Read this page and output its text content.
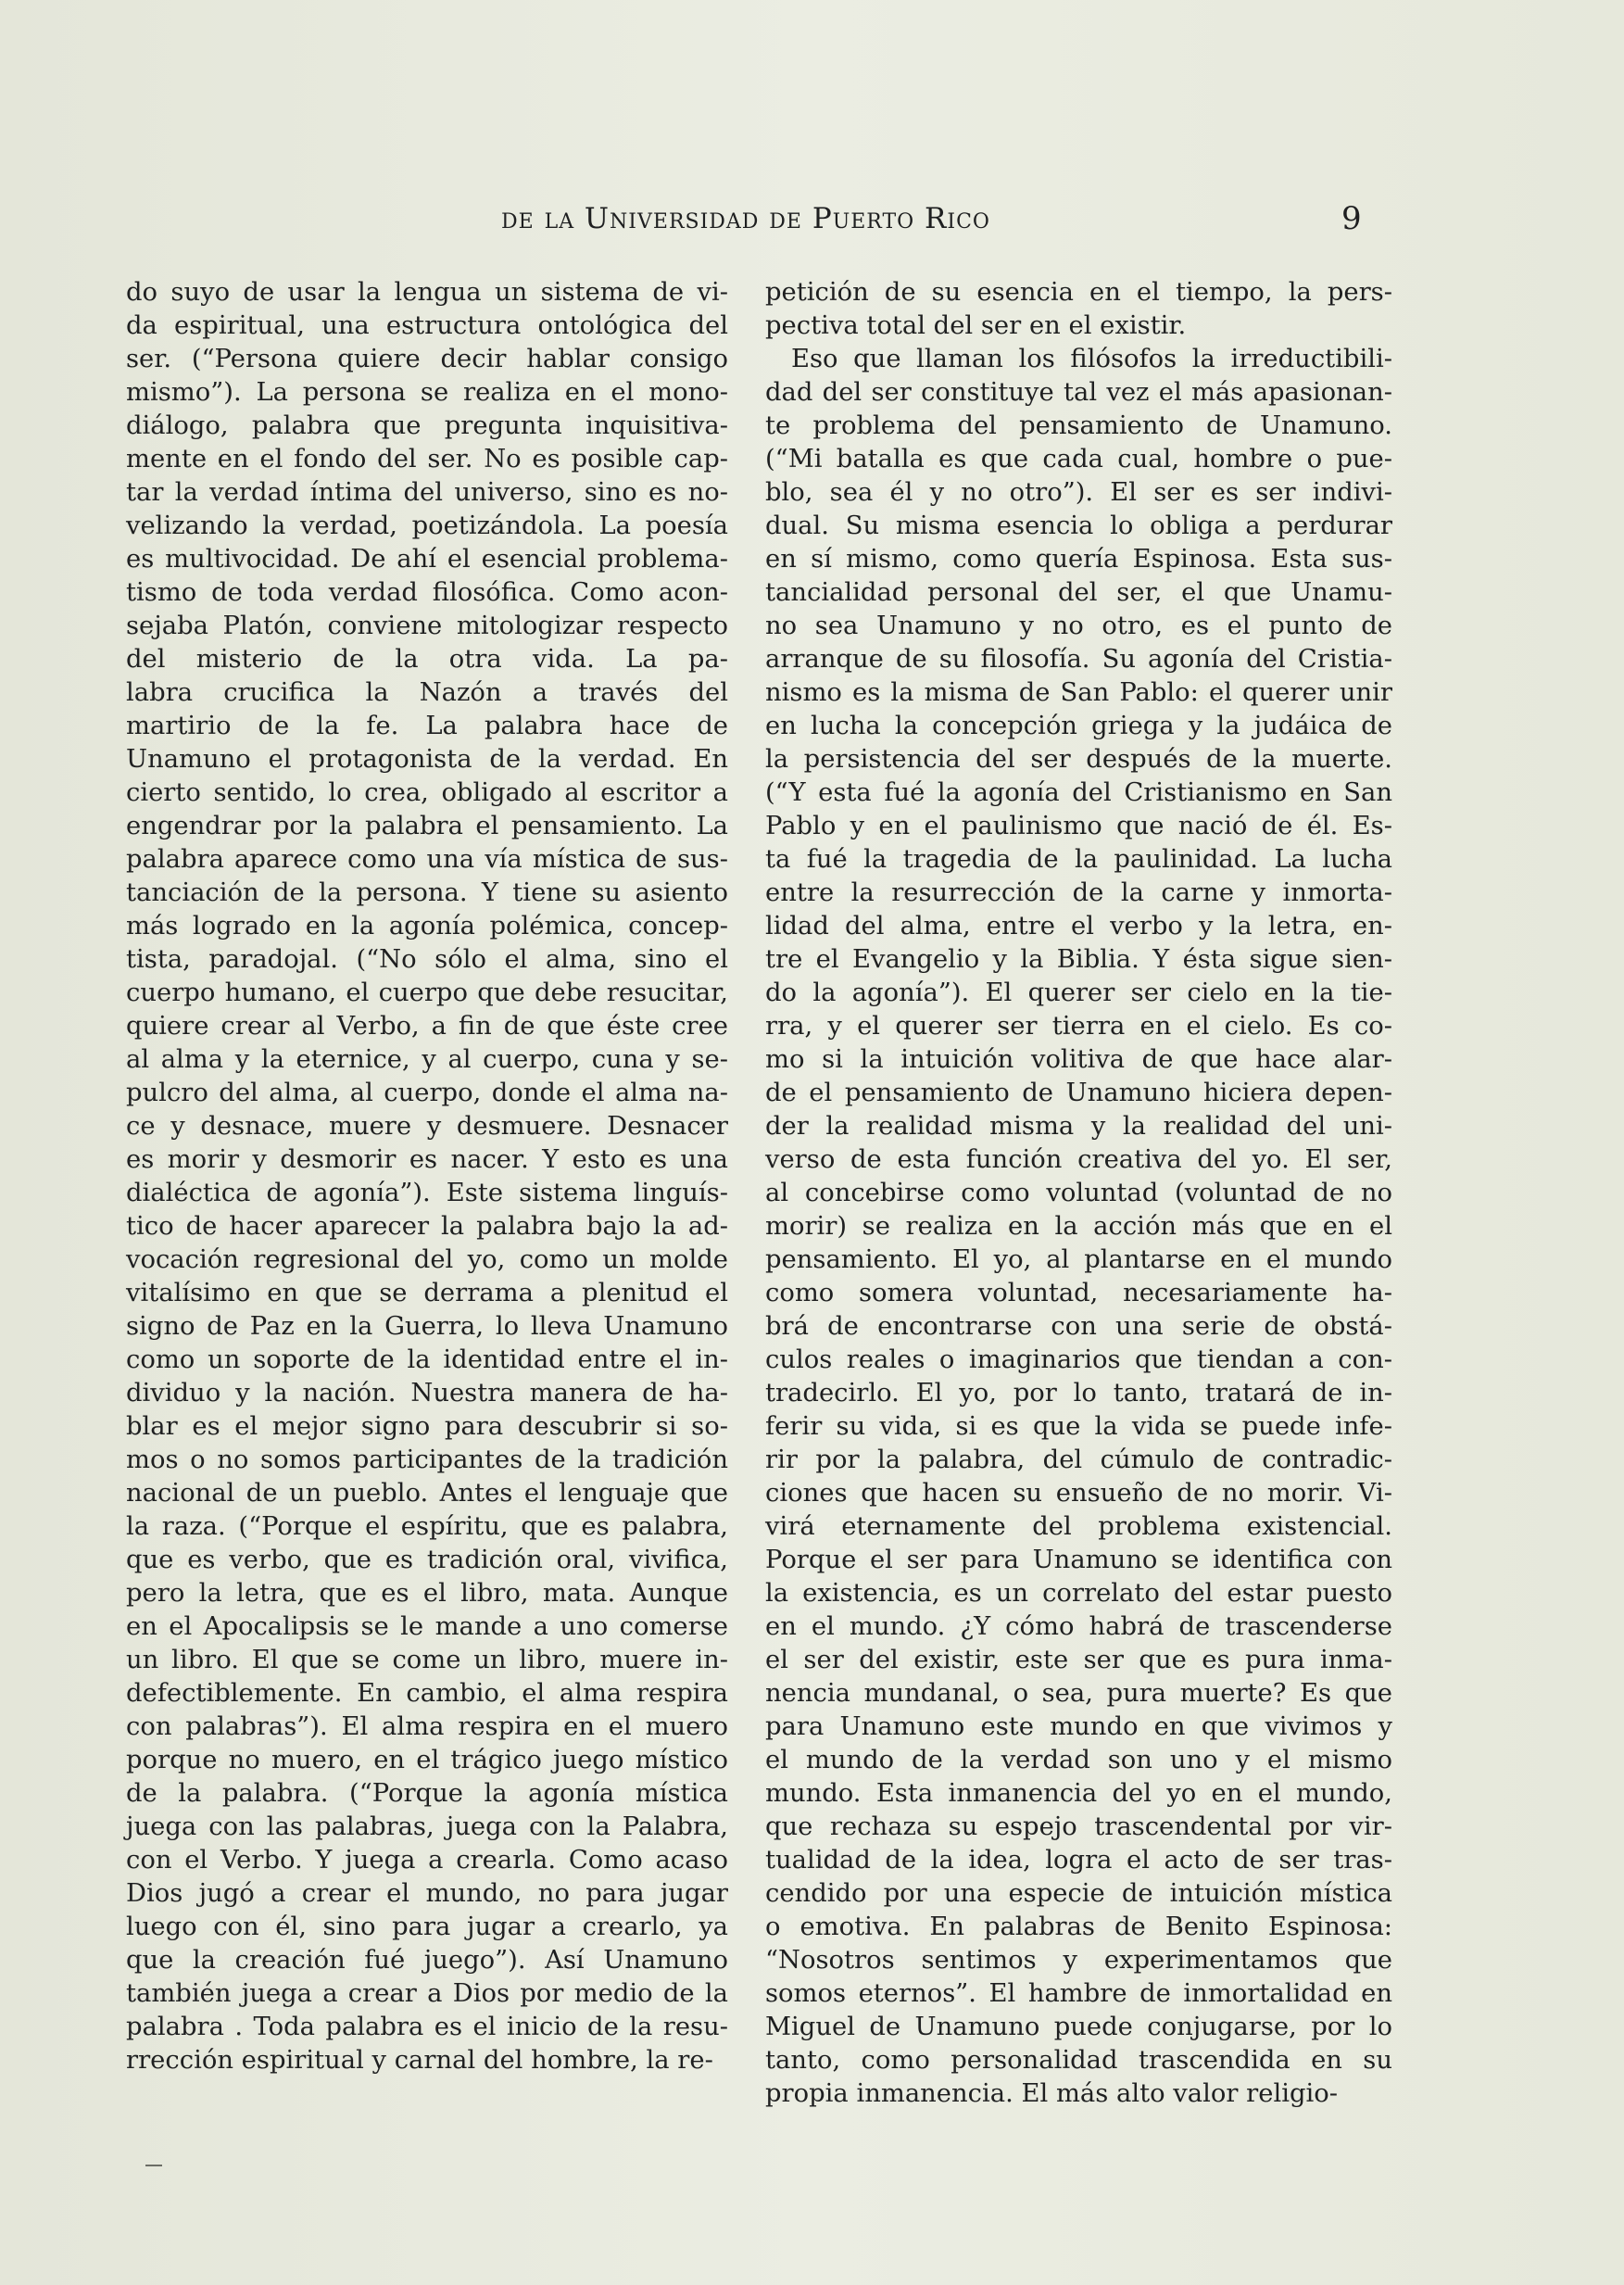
de la Universidad de Puerto Rico	9
do suyo de usar la lengua un sistema de vi-
da espiritual, una estructura ontológica del
ser. (“Persona quiere decir hablar consigo
mismo”). La persona se realiza en el mono-
diálogo, palabra que pregunta inquisitiva-
mente en el fondo del ser. No es posible cap-
tar la verdad íntima del universo, sino es no-
velizando la verdad, poetizándola. La poesía
es multivocidad. De ahí el esencial problema-
tismo de toda verdad filosófica. Como acon-
sejaba Platón, conviene mitologizar respecto
del misterio de la otra vida. La pa-
labra crucifica la Nazón a través del
martirio de la fe. La palabra hace de
Unamuno el protagonista de la verdad. En
cierto sentido, lo crea, obligado al escritor a
engendrar por la palabra el pensamiento. La
palabra aparece como una vía mística de sus-
tanciación de la persona. Y tiene su asiento
más logrado en la agonía polémica, concep-
tista, paradojal. (“No sólo el alma, sino el
cuerpo humano, el cuerpo que debe resucitar,
quiere crear al Verbo, a fin de que éste cree
al alma y la eternice, y al cuerpo, cuna y se-
pulcro del alma, al cuerpo, donde el alma na-
ce y desnace, muere y desmuere. Desnacer
es morir y desmorir es nacer. Y esto es una
dialéctica de agonía”). Este sistema linguís-
tico de hacer aparecer la palabra bajo la ad-
vocación regresional del yo, como un molde
vitalísimo en que se derrama a plenitud el
signo de Paz en la Guerra, lo lleva Unamuno
como un soporte de la identidad entre el in-
dividuo y la nación. Nuestra manera de ha-
blar es el mejor signo para descubrir si so-
mos o no somos participantes de la tradición
nacional de un pueblo. Antes el lenguaje que
la raza. (“Porque el espíritu, que es palabra,
que es verbo, que es tradición oral, vivifica,
pero la letra, que es el libro, mata. Aunque
en el Apocalipsis se le mande a uno comerse
un libro. El que se come un libro, muere in-
defectiblemente. En cambio, el alma respira
con palabras”). El alma respira en el muero
porque no muero, en el trágico juego místico
de la palabra. (“Porque la agonía mística
juega con las palabras, juega con la Palabra,
con el Verbo. Y juega a crearla. Como acaso
Dios jugó a crear el mundo, no para jugar
luego con él, sino para jugar a crearlo, ya
que la creación fué juego”). Así Unamuno
también juega a crear a Dios por medio de la
palabra . Toda palabra es el inicio de la resu-
rrección espiritual y carnal del hombre, la re-
petición de su esencia en el tiempo, la pers-
pectiva total del ser en el existir.
Eso que llaman los filósofos la irreductibili-
dad del ser constituye tal vez el más apasionan-
te problema del pensamiento de Unamuno.
(“Mi batalla es que cada cual, hombre o pue-
blo, sea él y no otro”). El ser es ser indivi-
dual. Su misma esencia lo obliga a perdurar
en sí mismo, como quería Espinosa. Esta sus-
tancialidad personal del ser, el que Unamu-
no sea Unamuno y no otro, es el punto de
arranque de su filosofía. Su agonía del Cristia-
nismo es la misma de San Pablo: el querer unir
en lucha la concepción griega y la judáica de
la persistencia del ser después de la muerte.
(“Y esta fué la agonía del Cristianismo en San
Pablo y en el paulinismo que nació de él. Es-
ta fué la tragedia de la paulinidad. La lucha
entre la resurrección de la carne y inmorta-
lidad del alma, entre el verbo y la letra, en-
tre el Evangelio y la Biblia. Y ésta sigue sien-
do la agonía”). El querer ser cielo en la tie-
rra, y el querer ser tierra en el cielo. Es co-
mo si la intuición volitiva de que hace alar-
de el pensamiento de Unamuno hiciera depen-
der la realidad misma y la realidad del uni-
verso de esta función creativa del yo. El ser,
al concebirse como voluntad (voluntad de no
morir) se realiza en la acción más que en el
pensamiento. El yo, al plantarse en el mundo
como somera voluntad, necesariamente ha-
brá de encontrarse con una serie de obstá-
culos reales o imaginarios que tiendan a con-
tradecirlo. El yo, por lo tanto, tratará de in-
ferir su vida, si es que la vida se puede infe-
rir por la palabra, del cúmulo de contradic-
ciones que hacen su ensueño de no morir. Vi-
virá eternamente del problema existencial.
Porque el ser para Unamuno se identifica con
la existencia, es un correlato del estar puesto
en el mundo. ¿Y cómo habrá de trascenderse
el ser del existir, este ser que es pura inma-
nencia mundanal, o sea, pura muerte? Es que
para Unamuno este mundo en que vivimos y
el mundo de la verdad son uno y el mismo
mundo. Esta inmanencia del yo en el mundo,
que rechaza su espejo trascendental por vir-
tualidad de la idea, logra el acto de ser tras-
cendido por una especie de intuición mística
o emotiva. En palabras de Benito Espinosa:
“Nosotros sentimos y experimentamos que
somos eternos”. El hambre de inmortalidad en
Miguel de Unamuno puede conjugarse, por lo
tanto, como personalidad trascendida en su
propia inmanencia. El más alto valor religio-
